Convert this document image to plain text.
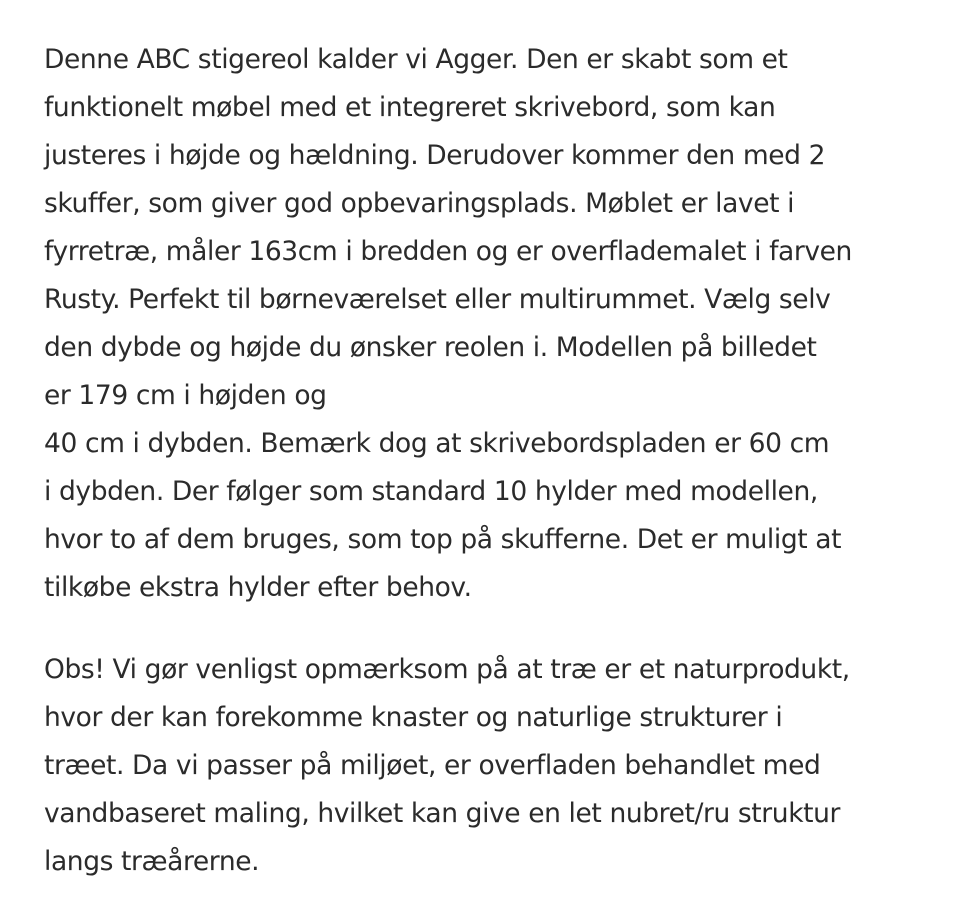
Denne ABC stigereol kalder vi Agger. Den er skabt som et
funktionelt møbel med et integreret skrivebord, som kan
justeres i højde og hældning. Derudover kommer den med 2
skuffer, som giver god opbevaringsplads. Møblet er lavet i
fyrretræ, måler 163cm i bredden og er overflademalet i farven
Rusty. Perfekt til børneværelset eller multirummet. Vælg selv
den dybde og højde du ønsker reolen i. Modellen på billedet
er 179 cm i højden og
40 cm i dybden. Bemærk dog at skrivebordspladen er 60 cm
i dybden. Der følger som standard 10 hylder med modellen,
hvor to af dem bruges, som top på skufferne. Det er muligt at
tilkøbe ekstra hylder efter behov.

Obs! Vi gør venligst opmærksom på at træ er et naturprodukt,
hvor der kan forekomme knaster og naturlige strukturer i
træet. Da vi passer på miljøet, er overfladen behandlet med
vandbaseret maling, hvilket kan give en let nubret/ru struktur
langs træårerne.
